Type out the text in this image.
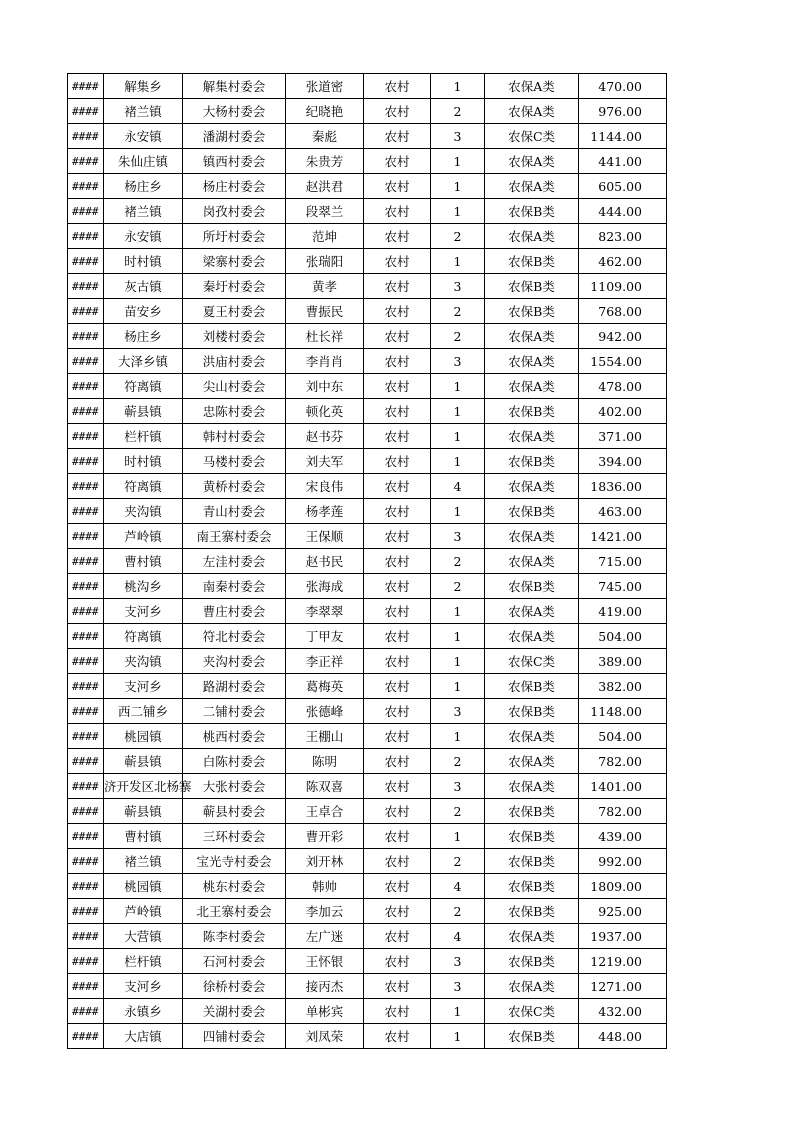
####	解集乡	解集村委会	张道密	农村	1	农保A类	470.00
####	褚兰镇	大杨村委会	纪晓艳	农村	2	农保A类	976.00
####	永安镇	潘湖村委会	秦彪	农村	3	农保C类	1144.00
####	朱仙庄镇	镇西村委会	朱贵芳	农村	1	农保A类	441.00
####	杨庄乡	杨庄村委会	赵洪君	农村	1	农保A类	605.00
####	褚兰镇	岗孜村委会	段翠兰	农村	1	农保B类	444.00
####	永安镇	所圩村委会	范坤	农村	2	农保A类	823.00
####	时村镇	梁寨村委会	张瑞阳	农村	1	农保B类	462.00
####	灰古镇	秦圩村委会	黄孝	农村	3	农保B类	1109.00
####	苗安乡	夏王村委会	曹振民	农村	2	农保B类	768.00
####	杨庄乡	刘楼村委会	杜长祥	农村	2	农保A类	942.00
####	大泽乡镇	洪庙村委会	李肖肖	农村	3	农保A类	1554.00
####	符离镇	尖山村委会	刘中东	农村	1	农保A类	478.00
####	蕲县镇	忠陈村委会	顿化英	农村	1	农保B类	402.00
####	栏杆镇	韩村村委会	赵书芬	农村	1	农保A类	371.00
####	时村镇	马楼村委会	刘夫军	农村	1	农保B类	394.00
####	符离镇	黄桥村委会	宋良伟	农村	4	农保A类	1836.00
####	夹沟镇	青山村委会	杨孝莲	农村	1	农保B类	463.00
####	芦岭镇	南王寨村委会	王保顺	农村	3	农保A类	1421.00
####	曹村镇	左洼村委会	赵书民	农村	2	农保A类	715.00
####	桃沟乡	南秦村委会	张海成	农村	2	农保B类	745.00
####	支河乡	曹庄村委会	李翠翠	农村	1	农保A类	419.00
####	符离镇	符北村委会	丁甲友	农村	1	农保A类	504.00
####	夹沟镇	夹沟村委会	李正祥	农村	1	农保C类	389.00
####	支河乡	路湖村委会	葛梅英	农村	1	农保B类	382.00
####	西二铺乡	二铺村委会	张德峰	农村	3	农保B类	1148.00
####	桃园镇	桃西村委会	王棚山	农村	1	农保A类	504.00
####	蕲县镇	白陈村委会	陈明	农村	2	农保A类	782.00
####	济开发区北杨寨	大张村委会	陈双喜	农村	3	农保A类	1401.00
####	蕲县镇	蕲县村委会	王卓合	农村	2	农保B类	782.00
####	曹村镇	三环村委会	曹开彩	农村	1	农保B类	439.00
####	褚兰镇	宝光寺村委会	刘开林	农村	2	农保B类	992.00
####	桃园镇	桃东村委会	韩帅	农村	4	农保B类	1809.00
####	芦岭镇	北王寨村委会	李加云	农村	2	农保B类	925.00
####	大营镇	陈李村委会	左广迷	农村	4	农保A类	1937.00
####	栏杆镇	石河村委会	王怀银	农村	3	农保B类	1219.00
####	支河乡	徐桥村委会	接丙杰	农村	3	农保A类	1271.00
####	永镇乡	关湖村委会	单彬宾	农村	1	农保C类	432.00
####	大店镇	四铺村委会	刘凤荣	农村	1	农保B类	448.00
